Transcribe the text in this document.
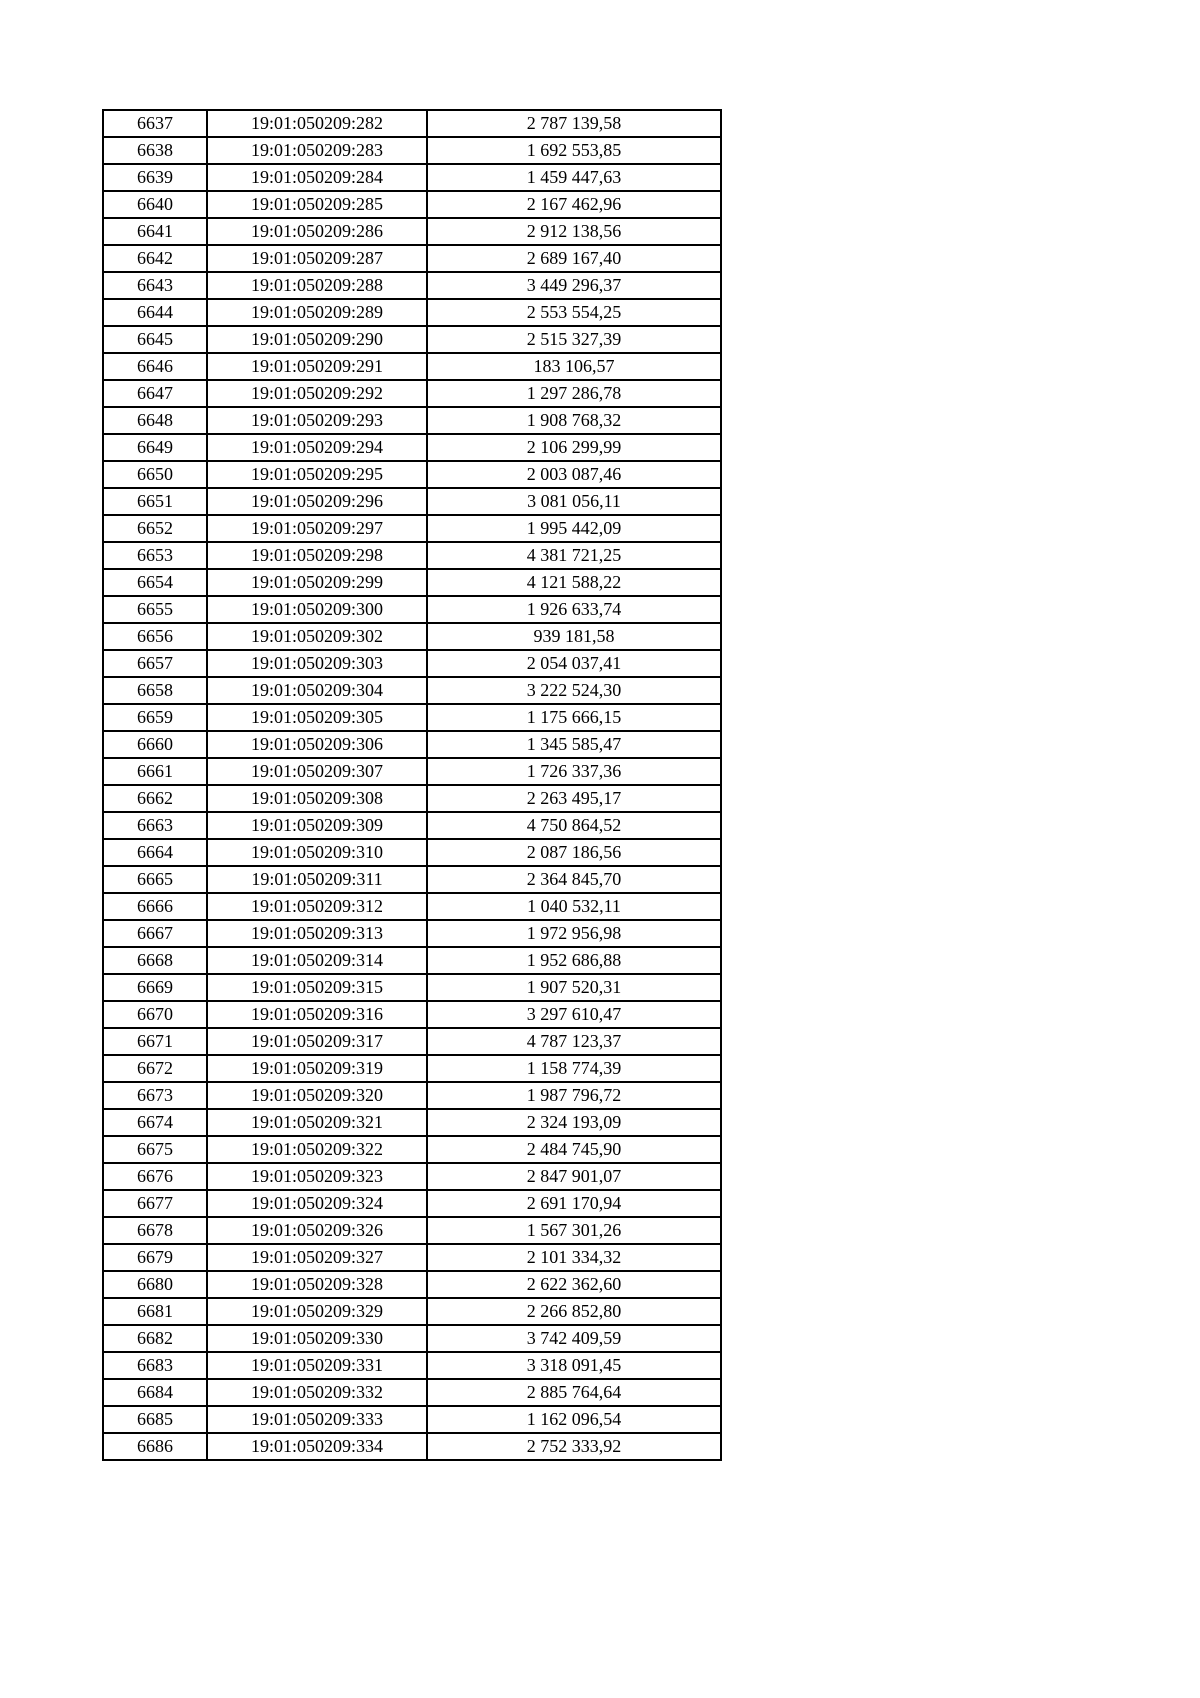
6637	19:01:050209:282	2 787 139,58
6638	19:01:050209:283	1 692 553,85
6639	19:01:050209:284	1 459 447,63
6640	19:01:050209:285	2 167 462,96
6641	19:01:050209:286	2 912 138,56
6642	19:01:050209:287	2 689 167,40
6643	19:01:050209:288	3 449 296,37
6644	19:01:050209:289	2 553 554,25
6645	19:01:050209:290	2 515 327,39
6646	19:01:050209:291	183 106,57
6647	19:01:050209:292	1 297 286,78
6648	19:01:050209:293	1 908 768,32
6649	19:01:050209:294	2 106 299,99
6650	19:01:050209:295	2 003 087,46
6651	19:01:050209:296	3 081 056,11
6652	19:01:050209:297	1 995 442,09
6653	19:01:050209:298	4 381 721,25
6654	19:01:050209:299	4 121 588,22
6655	19:01:050209:300	1 926 633,74
6656	19:01:050209:302	939 181,58
6657	19:01:050209:303	2 054 037,41
6658	19:01:050209:304	3 222 524,30
6659	19:01:050209:305	1 175 666,15
6660	19:01:050209:306	1 345 585,47
6661	19:01:050209:307	1 726 337,36
6662	19:01:050209:308	2 263 495,17
6663	19:01:050209:309	4 750 864,52
6664	19:01:050209:310	2 087 186,56
6665	19:01:050209:311	2 364 845,70
6666	19:01:050209:312	1 040 532,11
6667	19:01:050209:313	1 972 956,98
6668	19:01:050209:314	1 952 686,88
6669	19:01:050209:315	1 907 520,31
6670	19:01:050209:316	3 297 610,47
6671	19:01:050209:317	4 787 123,37
6672	19:01:050209:319	1 158 774,39
6673	19:01:050209:320	1 987 796,72
6674	19:01:050209:321	2 324 193,09
6675	19:01:050209:322	2 484 745,90
6676	19:01:050209:323	2 847 901,07
6677	19:01:050209:324	2 691 170,94
6678	19:01:050209:326	1 567 301,26
6679	19:01:050209:327	2 101 334,32
6680	19:01:050209:328	2 622 362,60
6681	19:01:050209:329	2 266 852,80
6682	19:01:050209:330	3 742 409,59
6683	19:01:050209:331	3 318 091,45
6684	19:01:050209:332	2 885 764,64
6685	19:01:050209:333	1 162 096,54
6686	19:01:050209:334	2 752 333,92
